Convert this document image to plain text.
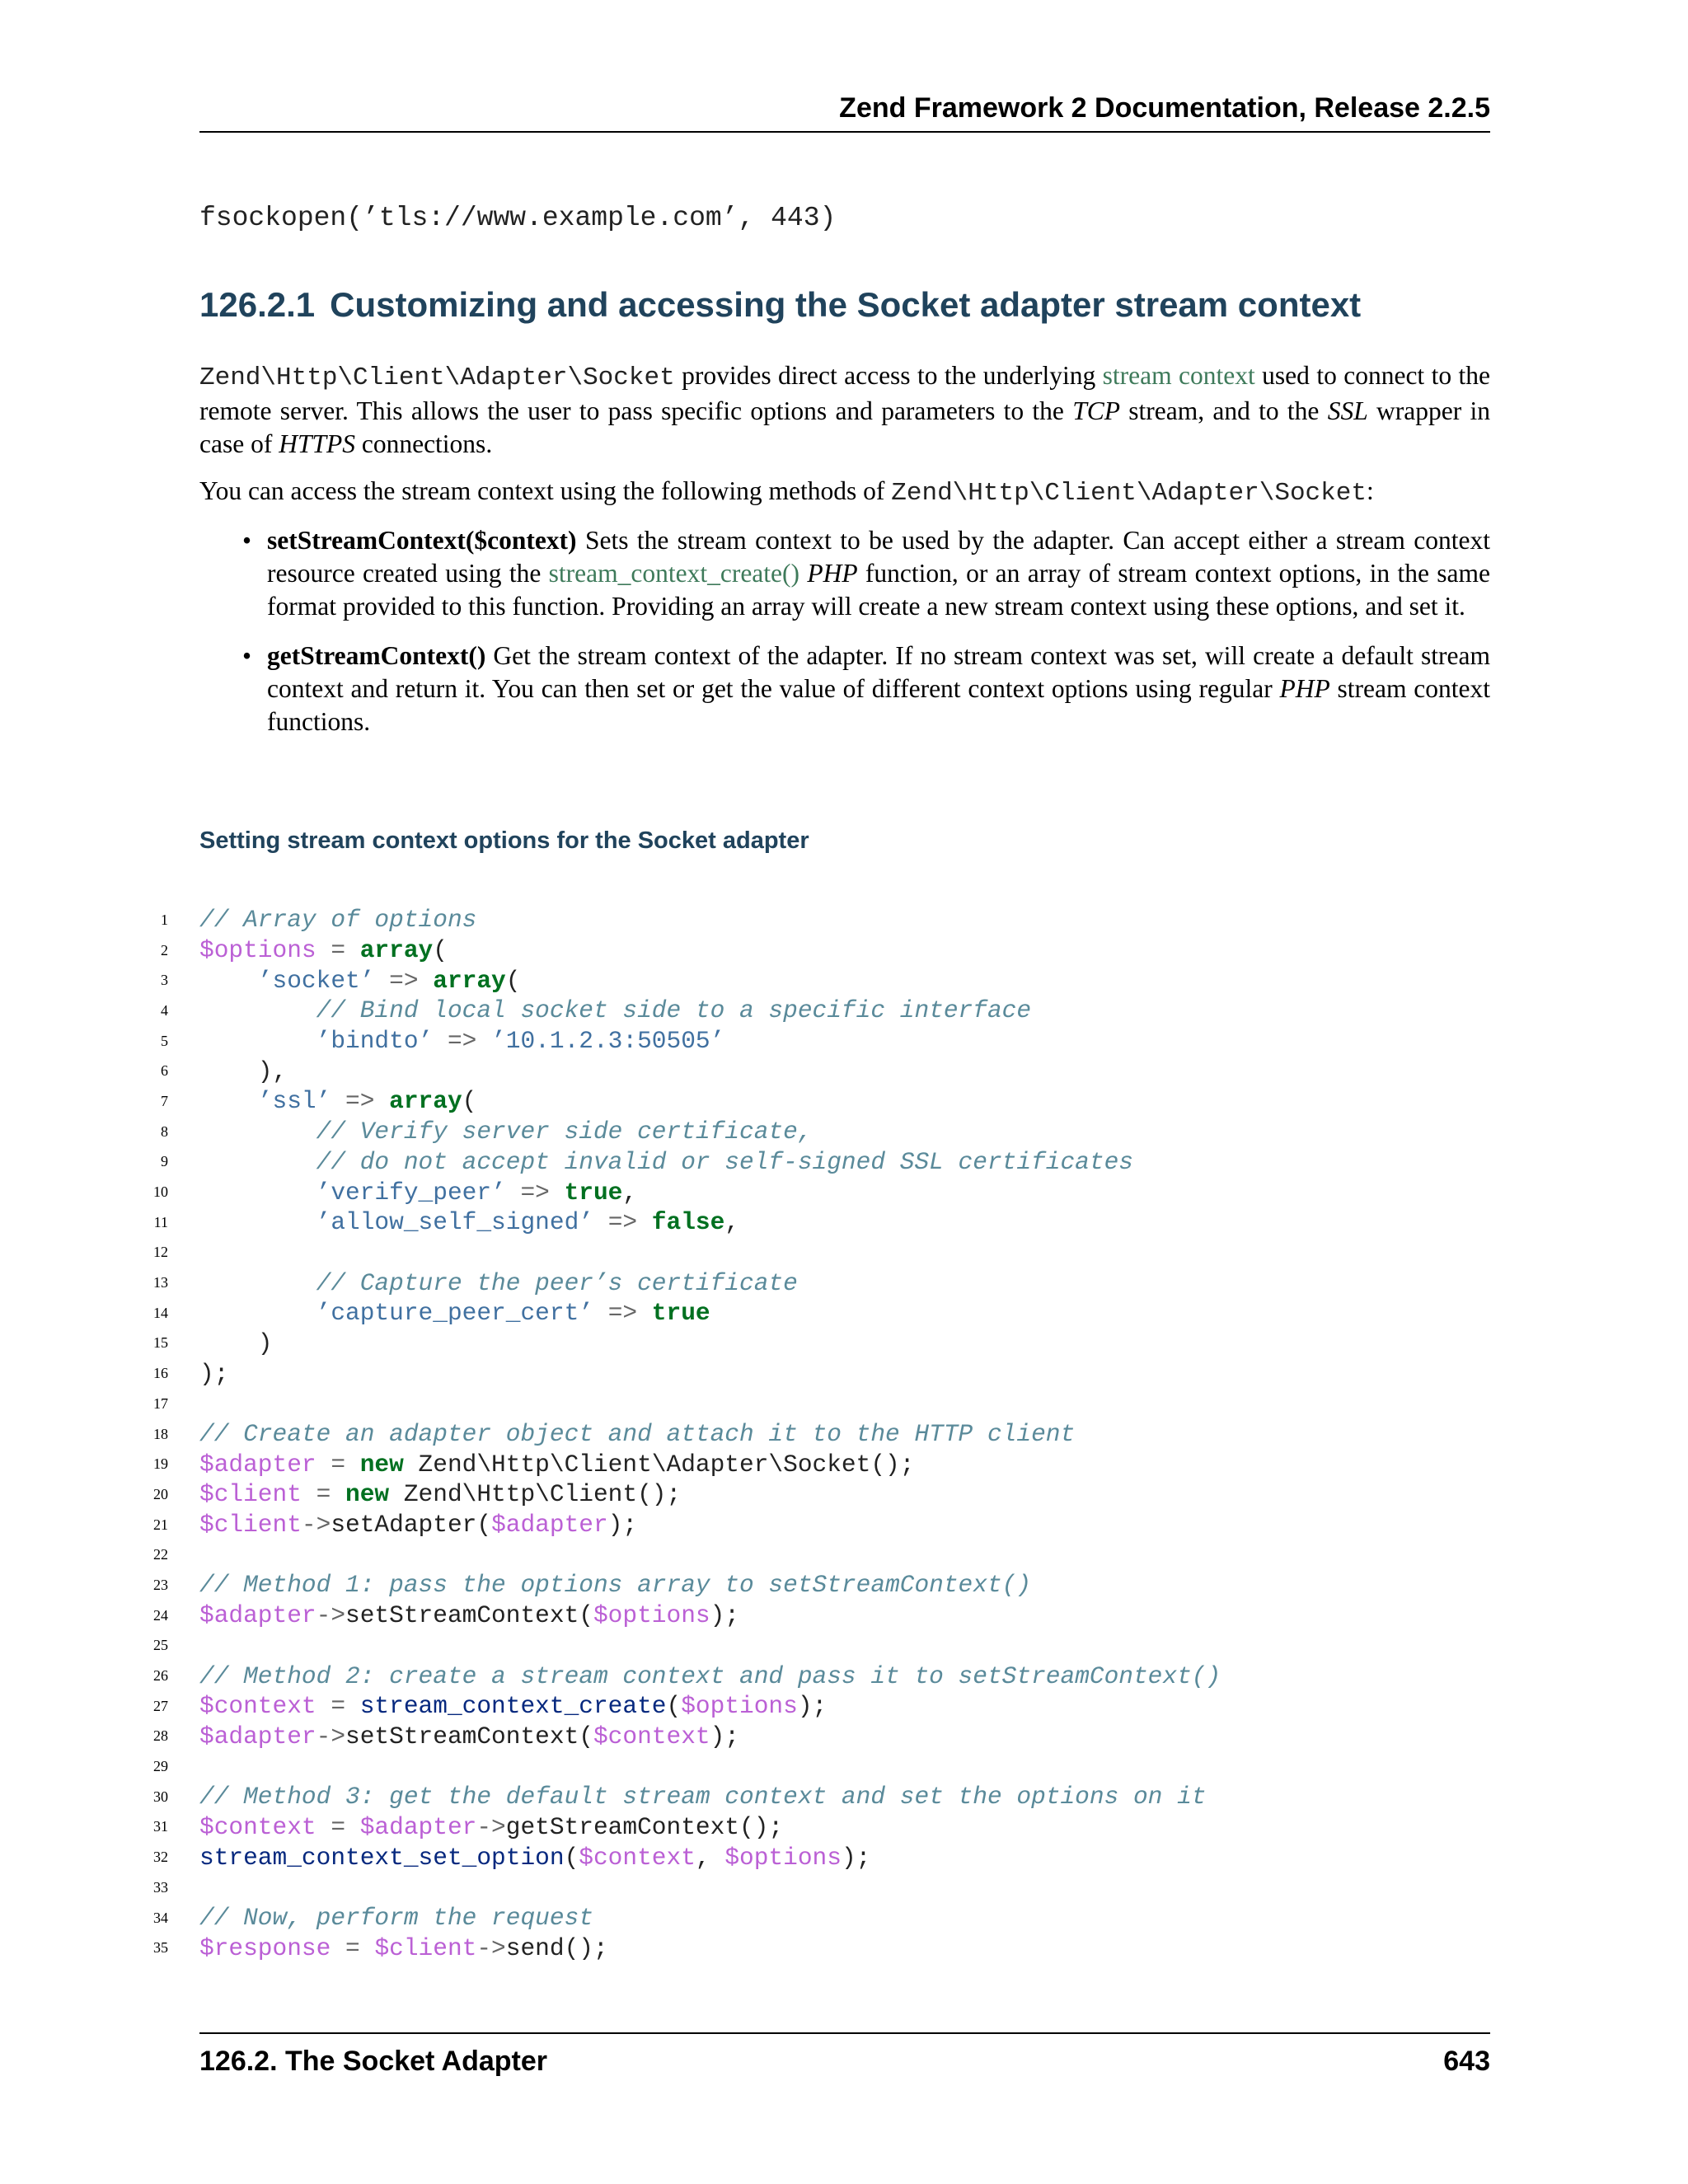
Zend Framework 2 Documentation, Release 2.2.5
fsockopen(’tls://www.example.com’, 443)
126.2.1 Customizing and accessing the Socket adapter stream context
Zend\Http\Client\Adapter\Socket provides direct access to the underlying stream context used to connect to the remote server. This allows the user to pass specific options and parameters to the TCP stream, and to the SSL wrapper in case of HTTPS connections.
You can access the stream context using the following methods of Zend\Http\Client\Adapter\Socket:
• setStreamContext($context) Sets the stream context to be used by the adapter. Can accept either a stream context resource created using the stream_context_create() PHP function, or an array of stream context options, in the same format provided to this function. Providing an array will create a new stream context using these options, and set it.
• getStreamContext() Get the stream context of the adapter. If no stream context was set, will create a default stream context and return it. You can then set or get the value of different context options using regular PHP stream context functions.
Setting stream context options for the Socket adapter
1 // Array of options
2 $options = array(
3	’socket’ => array(
4	// Bind local socket side to a specific interface
5	’bindto’ => ’10.1.2.3:50505’
6 ),
7	’ssl’ => array(
8	// Verify server side certificate,
9	// do not accept invalid or self-signed SSL certificates
10	’verify_peer’ => true,
11	’allow_self_signed’ => false,
12
13	// Capture the peer’s certificate
14	’capture_peer_cert’ => true
15 )
16 );
17
18 // Create an adapter object and attach it to the HTTP client
19 $adapter = new Zend\Http\Client\Adapter\Socket();
20 $client = new Zend\Http\Client();
21 $client->setAdapter($adapter);
22
23 // Method 1: pass the options array to setStreamContext()
24 $adapter->setStreamContext($options);
25
26 // Method 2: create a stream context and pass it to setStreamContext()
27 $context = stream_context_create($options);
28 $adapter->setStreamContext($context);
29
30 // Method 3: get the default stream context and set the options on it
31 $context = $adapter->getStreamContext();
32 stream_context_set_option($context, $options);
33
34 // Now, perform the request
35 $response = $client->send();
126.2. The Socket Adapter	643
